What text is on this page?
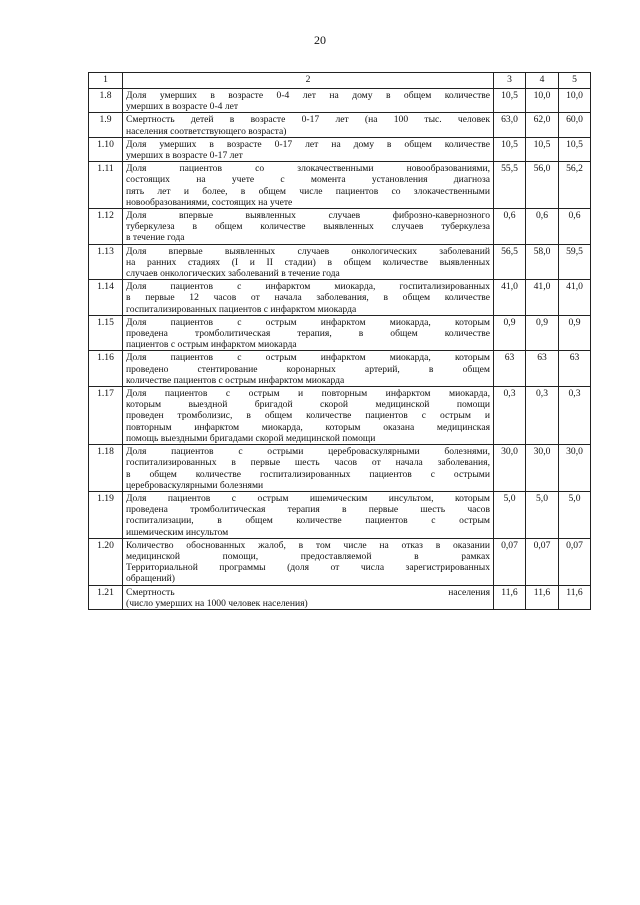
20
1	2	3	4	5
1.8	Доля умерших в возрасте 0-4 лет на дому в общем количестве
умерших в возрасте 0-4 лет	10,5	10,0	10,0
1.9	Смертность детей в возрасте 0-17 лет (на 100 тыс. человек
населения соответствующего возраста)	63,0	62,0	60,0
1.10	Доля умерших в возрасте 0-17 лет на дому в общем количестве
умерших в возрасте 0-17 лет	10,5	10,5	10,5
1.11	Доля пациентов со злокачественными новообразованиями,
состоящих на учете с момента установления диагноза
пять лет и более, в общем числе пациентов со злокачественными
новообразованиями, состоящих на учете	55,5	56,0	56,2
1.12	Доля впервые выявленных случаев фиброзно-кавернозного
туберкулеза в общем количестве выявленных случаев туберкулеза
в течение года	0,6	0,6	0,6
1.13	Доля впервые выявленных случаев онкологических заболеваний
на ранних стадиях (I и II стадии) в общем количестве выявленных
случаев онкологических заболеваний в течение года	56,5	58,0	59,5
1.14	Доля пациентов с инфарктом миокарда, госпитализированных
в первые 12 часов от начала заболевания, в общем количестве
госпитализированных пациентов с инфарктом миокарда	41,0	41,0	41,0
1.15	Доля пациентов с острым инфарктом миокарда, которым
проведена тромболитическая терапия, в общем количестве
пациентов с острым инфарктом миокарда	0,9	0,9	0,9
1.16	Доля пациентов с острым инфарктом миокарда, которым
проведено стентирование коронарных артерий, в общем
количестве пациентов с острым инфарктом миокарда	63	63	63
1.17	Доля пациентов с острым и повторным инфарктом миокарда,
которым выездной бригадой скорой медицинской помощи
проведен тромболизис, в общем количестве пациентов с острым и
повторным инфарктом миокарда, которым оказана медицинская
помощь выездными бригадами скорой медицинской помощи	0,3	0,3	0,3
1.18	Доля пациентов с острыми цереброваскулярными болезнями,
госпитализированных в первые шесть часов от начала заболевания,
в общем количестве госпитализированных пациентов с острыми
цереброваскулярными болезнями	30,0	30,0	30,0
1.19	Доля пациентов с острым ишемическим инсультом, которым
проведена тромболитическая терапия в первые шесть часов
госпитализации, в общем количестве пациентов с острым
ишемическим инсультом	5,0	5,0	5,0
1.20	Количество обоснованных жалоб, в том числе на отказ в оказании
медицинской помощи, предоставляемой в рамках
Территориальной программы (доля от числа зарегистрированных
обращений)	0,07	0,07	0,07
1.21	Смертность населения
(число умерших на 1000 человек населения)	11,6	11,6	11,6
